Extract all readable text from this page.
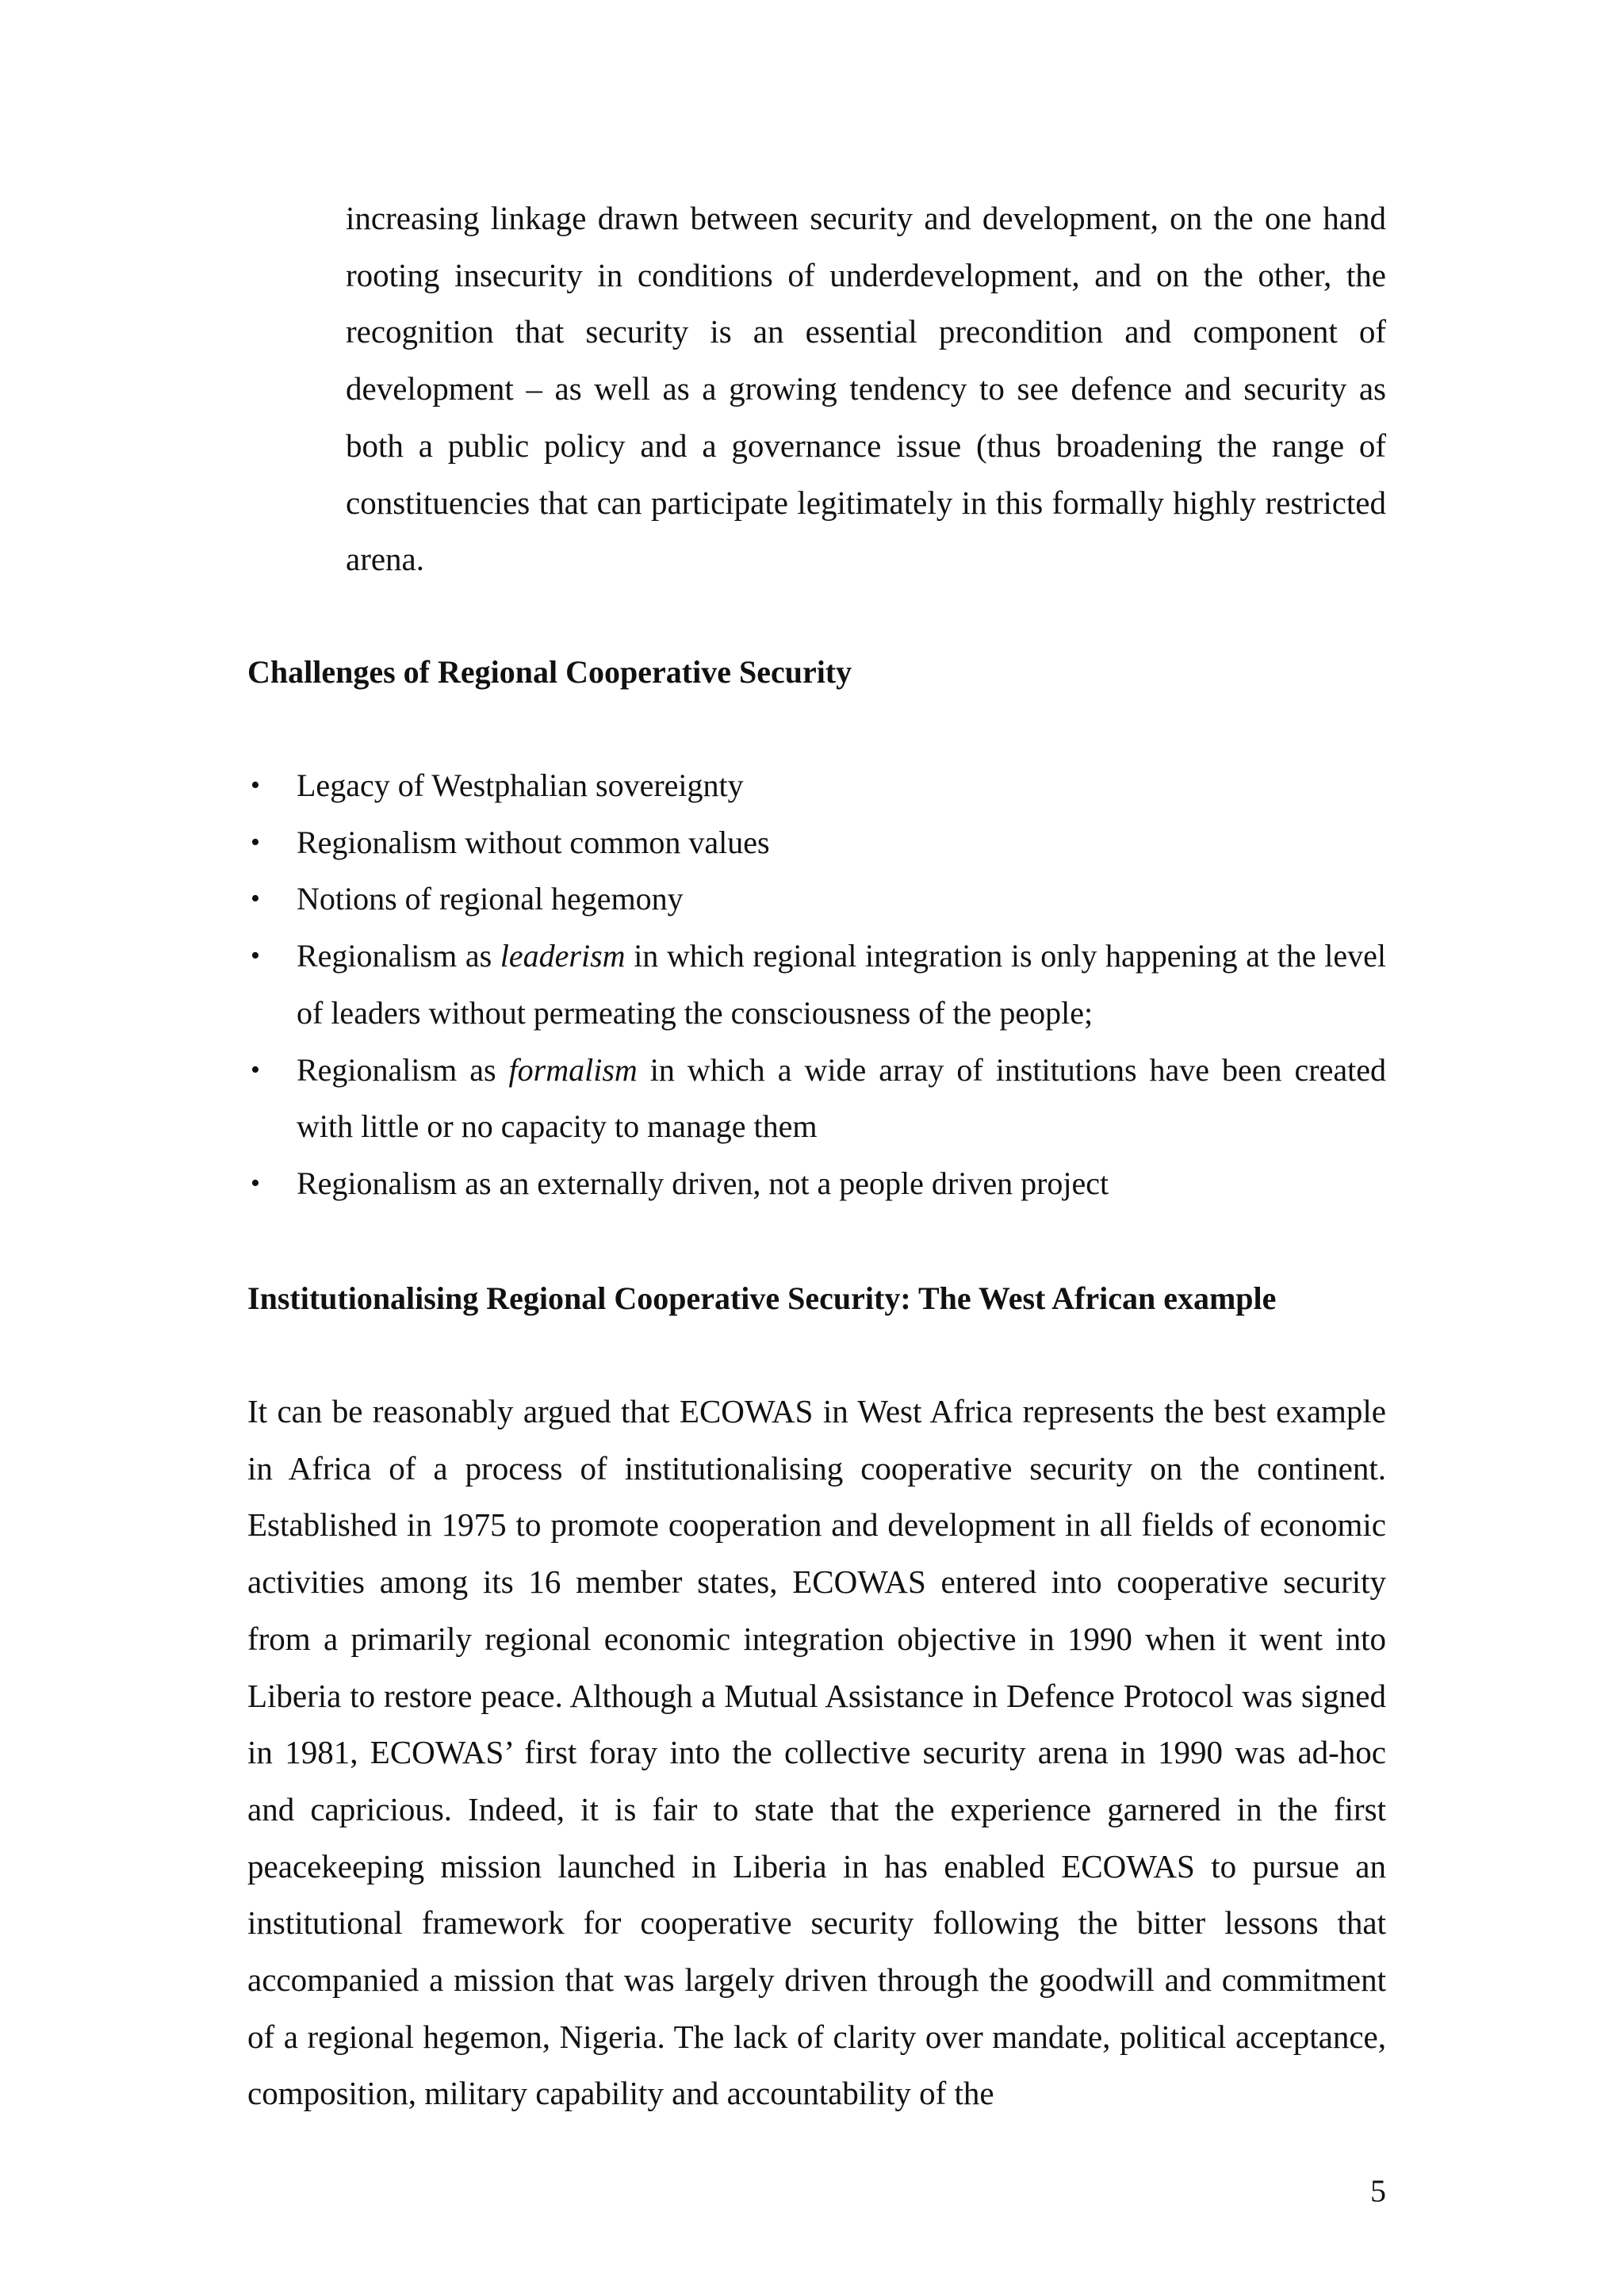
increasing linkage drawn between security and development, on the one hand rooting insecurity in conditions of underdevelopment, and on the other, the recognition that security is an essential precondition and component of development – as well as a growing tendency to see defence and security as both a public policy and a governance issue (thus broadening the range of constituencies that can participate legitimately in this formally highly restricted arena.

Challenges of Regional Cooperative Security
• Legacy of Westphalian sovereignty
• Regionalism without common values
• Notions of regional hegemony
• Regionalism as leaderism in which regional integration is only happening at the level of leaders without permeating the consciousness of the people;
• Regionalism as formalism in which a wide array of institutions have been created with little or no capacity to manage them
• Regionalism as an externally driven, not a people driven project
Institutionalising Regional Cooperative Security: The West African example

It can be reasonably argued that ECOWAS in West Africa represents the best example in Africa of a process of institutionalising cooperative security on the continent. Established in 1975 to promote cooperation and development in all fields of economic activities among its 16 member states, ECOWAS entered into cooperative security from a primarily regional economic integration objective in 1990 when it went into Liberia to restore peace. Although a Mutual Assistance in Defence Protocol was signed in 1981, ECOWAS’ first foray into the collective security arena in 1990 was ad-hoc and capricious. Indeed, it is fair to state that the experience garnered in the first peacekeeping mission launched in Liberia in has enabled ECOWAS to pursue an institutional framework for cooperative security following the bitter lessons that accompanied a mission that was largely driven through the goodwill and commitment of a regional hegemon, Nigeria. The lack of clarity over mandate, political acceptance, composition, military capability and accountability of the

5
